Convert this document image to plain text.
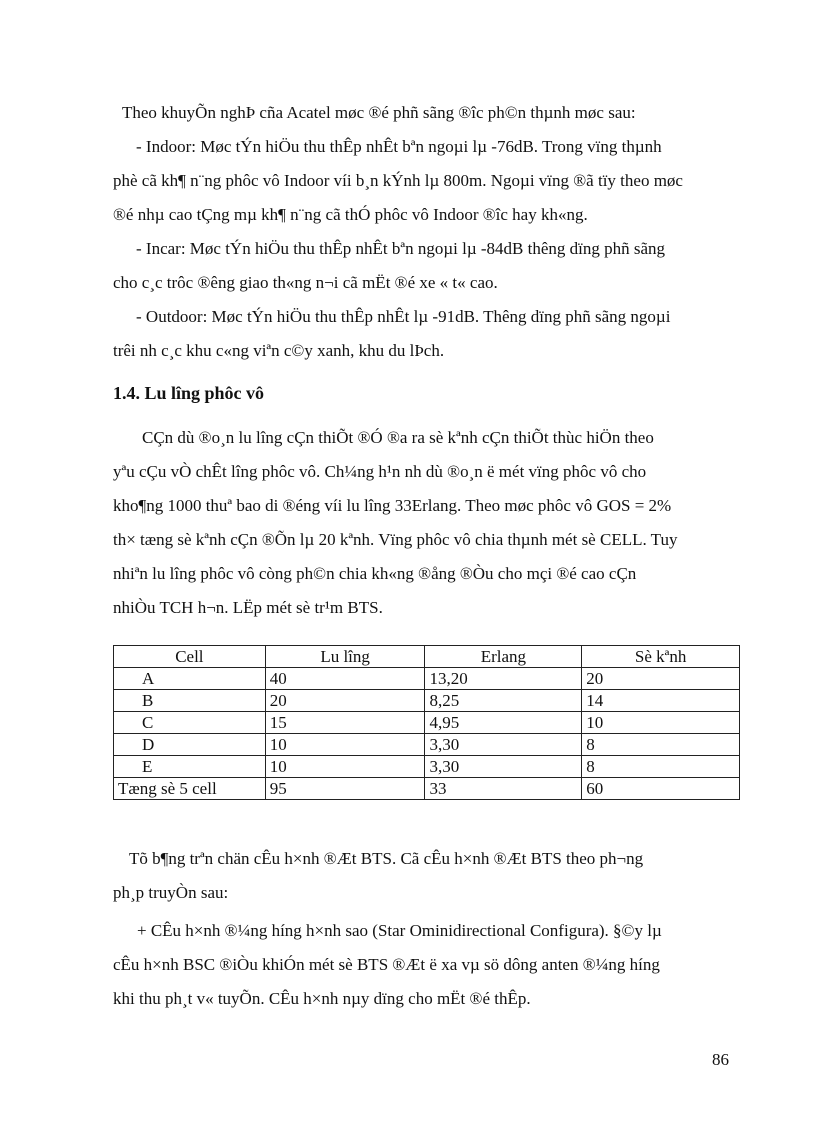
Theo khuyÕn nghÞ cña Acatel møc ®é phñ sãng ®îc ph©n thµnh møc sau:
- Indoor: Møc tÝn hiÖu thu thÊp nhÊt bªn ngoµi lµ -76dB. Trong vïng thµnh
phè cã kh¶ n¨ng phôc vô Indoor víi b¸n kÝnh lµ 800m. Ngoµi vïng ®ã tïy theo møc
®é nhµ cao tÇng mµ kh¶ n¨ng cã thÓ phôc vô Indoor ®îc hay kh«ng.
- Incar: Møc tÝn hiÖu thu thÊp nhÊt bªn ngoµi lµ -84dB thêng dïng phñ sãng
cho c¸c trôc ®êng giao th«ng n¬i cã mËt ®é xe « t« cao.
- Outdoor: Møc tÝn hiÖu thu thÊp nhÊt lµ -91dB. Thêng dïng phñ sãng ngoµi
trêi nh c¸c khu c«ng viªn c©y xanh, khu du lÞch.
1.4. Lu lîng phôc vô
CÇn dù ®o¸n lu lîng cÇn thiÕt ®Ó ®a ra sè kªnh cÇn thiÕt thùc hiÖn theo
yªu cÇu vÒ chÊt lîng phôc vô. Ch¼ng h¹n nh dù ®o¸n ë mét vïng phôc vô cho
kho¶ng 1000 thuª bao di ®éng víi lu lîng 33Erlang. Theo møc phôc vô GOS = 2%
th× tæng sè kªnh cÇn ®Õn lµ 20 kªnh. Vïng phôc vô chia thµnh mét sè CELL. Tuy
nhiªn lu lîng phôc vô còng ph©n chia kh«ng ®ång ®Òu cho mçi ®é cao cÇn
nhiÒu TCH h¬n. LËp mét sè tr¹m BTS.
Cell	Lu lîng	Erlang	Sè kªnh
A	40	13,20	20
B	20	8,25	14
C	15	4,95	10
D	10	3,30	8
E	10	3,30	8
Tæng sè 5 cell	95	33	60
Tõ b¶ng trªn chän cÊu h×nh ®Æt BTS. Cã cÊu h×nh ®Æt BTS theo ph¬ng
ph¸p truyÒn sau:
+ CÊu h×nh ®¼ng híng h×nh sao (Star Ominidirectional Configura). §©y lµ
cÊu h×nh BSC ®iÒu khiÓn mét sè BTS ®Æt ë xa vµ sö dông anten ®¼ng híng
khi thu ph¸t v« tuyÕn. CÊu h×nh nµy dïng cho mËt ®é thÊp.
86
